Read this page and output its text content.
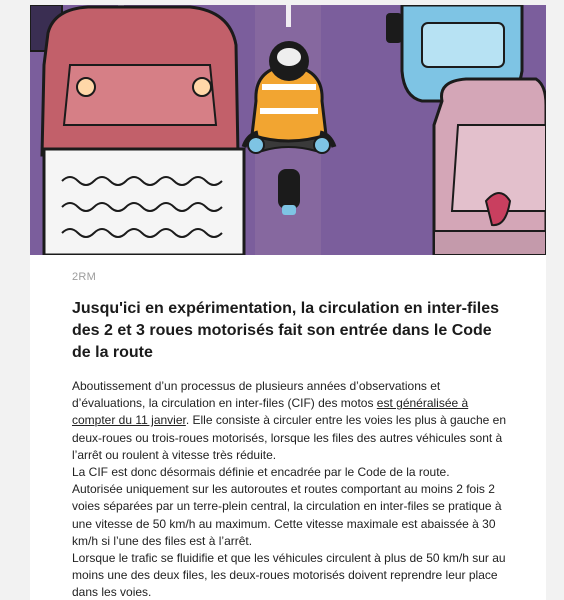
2RM
Jusqu'ici en expérimentation, la circulation en inter-files des 2 et 3 roues motorisés fait son entrée dans le Code de la route

Aboutissement d’un processus de plusieurs années d’observations et d’évaluations, la circulation en inter-files (CIF) des motos est généralisée à compter du 11 janvier. Elle consiste à circuler entre les voies les plus à gauche en deux-roues ou trois-roues motorisés, lorsque les files des autres véhicules sont à l’arrêt ou roulent à vitesse très réduite.

La CIF est donc désormais définie et encadrée par le Code de la route.

Autorisée uniquement sur les autoroutes et routes comportant au moins 2 fois 2 voies séparées par un terre-plein central, la circulation en inter-files se pratique à une vitesse de 50 km/h au maximum. Cette vitesse maximale est abaissée à 30 km/h si l’une des files est à l’arrêt.

Lorsque le trafic se fluidifie et que les véhicules circulent à plus de 50 km/h sur au moins une des deux files, les deux-roues motorisés doivent reprendre leur place dans les voies.
